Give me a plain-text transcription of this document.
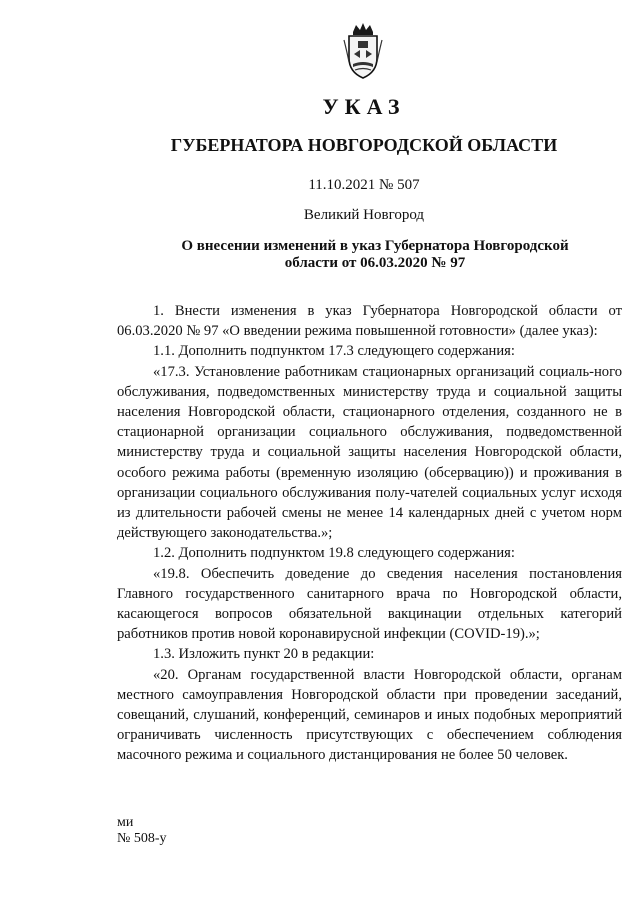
УКАЗ
ГУБЕРНАТОРА НОВГОРОДСКОЙ ОБЛАСТИ
11.10.2021 № 507
Великий Новгород
О внесении изменений в указ Губернатора Новгородской
области от 06.03.2020 № 97

1. Внести изменения в указ Губернатора Новгородской области от 06.03.2020 № 97 «О введении режима повышенной готовности» (далее указ):

1.1. Дополнить подпунктом 17.3 следующего содержания:

«17.3. Установление работникам стационарных организаций социаль-ного обслуживания, подведомственных министерству труда и социальной защиты населения Новгородской области, стационарного отделения, созданного не в стационарной организации социального обслуживания, подведомственной министерству труда и социальной защиты населения Новгородской области, особого режима работы (временную изоляцию (обсервацию)) и проживания в организации социального обслуживания полу-чателей социальных услуг исходя из длительности рабочей смены не менее 14 календарных дней с учетом норм действующего законодательства.»;

1.2. Дополнить подпунктом 19.8 следующего содержания:

«19.8. Обеспечить доведение до сведения населения постановления Главного государственного санитарного врача по Новгородской области, касающегося вопросов обязательной вакцинации отдельных категорий работников против новой коронавирусной инфекции (COVID-19).»;

1.3. Изложить пункт 20 в редакции:

«20. Органам государственной власти Новгородской области, органам местного самоуправления Новгородской области при проведении заседаний, совещаний, слушаний, конференций, семинаров и иных подобных мероприятий ограничивать численность присутствующих с обеспечением соблюдения масочного режима и социального дистанцирования не более 50 человек.

ми
№ 508-у
